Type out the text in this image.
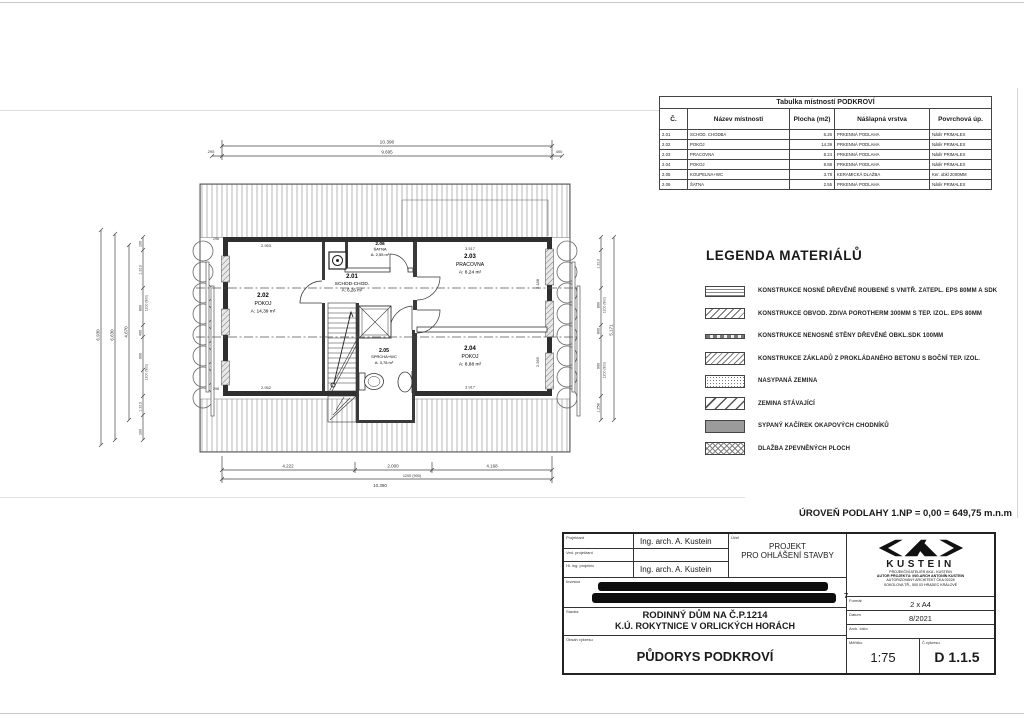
2.01
SCHOD-CHOD.
A: 6,26 m²
2.02
POKOJ
A: 14,39 m²
2.03
PRACOVNA
A: 8,24 m²
2.04
POKOJ
A: 8,88 m²
2.05
SPRCHA+WC
A: 3,78 m²
2.06
ŠATNA
A: 2,55 m²
10.390
295	9.695	400
4.222	2.000	4.168
1200 (900)
10.390
6.930 6.630 4.670
100
1.313
800
400
900
1.313
100
1200 (900)
1200 (900)
1.313
800
800
900
1.258
5.171
1200 (900)
1200 (900)
298
298
2.953
2.952
3.517
3.917
2.188
2.565
Tabulka místností PODKROVÍ				
Č.	Název místnosti	Plocha (m2)	Nášlapná vrstva	Povrchová úp.
2.01	SCHOD. CHODBA	6.26	PRKENNÁ PODLAHA	Nátěr PRIMALEX
2.02	POKOJ	14.39	PRKENNÁ PODLAHA	Nátěr PRIMALEX
2.03	PRACOVNA	8.24	PRKENNÁ PODLAHA	Nátěr PRIMALEX
2.04	POKOJ	8.88	PRKENNÁ PODLAHA	Nátěr PRIMALEX
2.05	KOUPELNA+WC	3.78	KERAMICKÁ DLAŽBA	Ker. obkl 2000MM
2.06	ŠATNA	2.55	PRKENNÁ PODLAHA	Nátěr PRIMALEX
LEGENDA MATERIÁLŮ
KONSTRUKCE NOSNÉ DŘEVĚNÉ ROUBENÉ S VNITŘ. ZATEPL. EPS 80MM A SDK
KONSTRUKCE OBVOD. ZDIVA POROTHERM 300MM S TEP. IZOL. EPS 80MM
KONSTRUKCE NENOSNÉ STĚNY DŘEVĚNÉ OBKL.SDK 100MM
KONSTRUKCE ZÁKLADŮ Z PROKLÁDANÉHO BETONU S BOČNÍ TEP. IZOL.
NASYPANÁ ZEMINA
ZEMINA STÁVAJÍCÍ
SYPANÝ KAČÍREK OKAPOVÝCH CHODNÍKŮ
DLAŽBA ZPEVNĚNÝCH PLOCH
ÚROVEŇ PODLAHY 1.NP = 0,00 = 649,75 m.n.m
Projektant	Ing. arch. A. Kustein
Ved. projektant
Hl. ing. projektu	Ing. arch. A. Kustein
Účel
PROJEKT
PRO OHLÁŠENÍ STAVBY
Investor
7
Stavba	RODINNÝ DŮM NA Č.P.1214
K.Ú. ROKYTNICE V ORLICKÝCH HORÁCH
Obsah výkresu
PŮDORYS PODKROVÍ
KUSTEIN
PROJEKČNÍ ATELIÉR AKA - KUSTEIN
AUTOR PROJEKTU: ING.ARCH ANTONÍN KUSTEIN
AUTORIZOVANÝ ARCHITEKT ČKA 02228
SOKOLOVA TŘ., 500 03 HRADEC KRÁLOVÉ
Formát	2 x A4
Datum	8/2021
Arch. číslo
Měřítko
1:75
Č.výkresu
D 1.1.5
